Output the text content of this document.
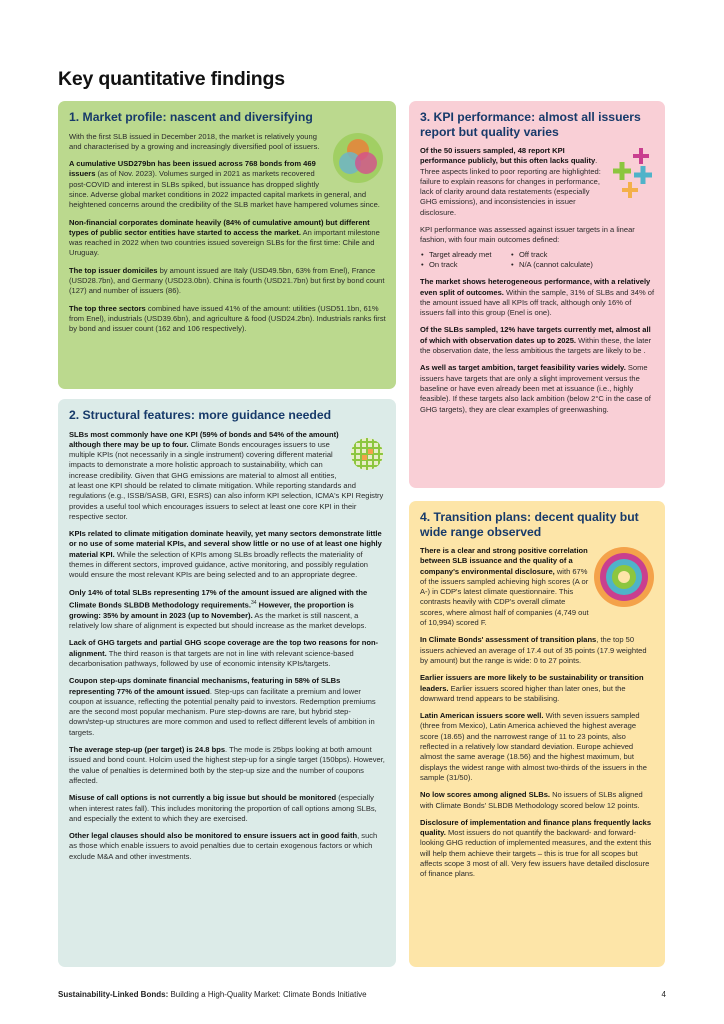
Key quantitative findings
1. Market profile: nascent and diversifying

With the first SLB issued in December 2018, the market is relatively young and characterised by a growing and increasingly diversified pool of issuers.

A cumulative USD279bn has been issued across 768 bonds from 469 issuers (as of Nov. 2023). Volumes surged in 2021 as markets recovered post-COVID and interest in SLBs spiked, but issuance has dropped slightly since. Adverse global market conditions in 2022 impacted capital markets in general, and heightened concerns around the credibility of the SLB market have hampered volumes since.

Non-financial corporates dominate heavily (84% of cumulative amount) but different types of public sector entities have started to access the market. An important milestone was reached in 2022 when two countries issued sovereign SLBs for the first time: Chile and Uruguay.

The top issuer domiciles by amount issued are Italy (USD49.5bn, 63% from Enel), France (USD28.7bn), and Germany (USD23.0bn). China is fourth (USD21.7bn) but first by bond count (127) and number of issuers (86).

The top three sectors combined have issued 41% of the amount: utilities (USD51.1bn, 61% from Enel), industrials (USD39.6bn), and agriculture & food (USD24.2bn). Industrials ranks first by bond and issuer count (162 and 106 respectively).

2. Structural features: more guidance needed

SLBs most commonly have one KPI (59% of bonds and 54% of the amount) although there may be up to four. Climate Bonds encourages issuers to use multiple KPIs (not necessarily in a single instrument) covering different material impacts to demonstrate a more holistic approach to sustainability, which can increase credibility. Given that GHG emissions are material to almost all entities, at least one KPI should be related to climate mitigation. While reporting standards and regulations (e.g., ISSB/SASB, GRI, ESRS) can also inform KPI selection, ICMA's KPI Registry provides a useful tool which encourages issuers to select at least one core KPI in their respective sector.

KPIs related to climate mitigation dominate heavily, yet many sectors demonstrate little or no use of some material KPIs, and several show little or no use of at least one highly material KPI. While the selection of KPIs among SLBs broadly reflects the materiality of themes in different sectors, improved guidance, active monitoring, and possibly regulation would ensure the most relevant KPIs are being selected and to an appropriate degree.

Only 14% of total SLBs representing 17% of the amount issued are aligned with the Climate Bonds SLBDB Methodology requirements.$^{34}$ However, the proportion is growing: 35% by amount in 2023 (up to November). As the market is still nascent, a relatively low share of alignment is expected but should increase as the market develops.

Lack of GHG targets and partial GHG scope coverage are the top two reasons for non-alignment. The third reason is that targets are not in line with relevant science-based decarbonisation pathways, followed by use of economic intensity KPIs/targets.

Coupon step-ups dominate financial mechanisms, featuring in 58% of SLBs representing 77% of the amount issued. Step-ups can facilitate a premium and lower coupon at issuance, reflecting the potential penalty paid to investors. Redemption premiums are the second most popular mechanism. Pure step-downs are rare, but hybrid step-down/step-up structures are more common and used to reflect different levels of ambition in targets.

The average step-up (per target) is 24.8 bps. The mode is 25bps looking at both amount issued and bond count. Holcim used the highest step-up for a single target (150bps). However, the value of penalties is determined both by the step-up size and the number of coupons affected.

Misuse of call options is not currently a big issue but should be monitored (especially when interest rates fall). This includes monitoring the proportion of call options among SLBs, and especially the extent to which they are exercised.

Other legal clauses should also be monitored to ensure issuers act in good faith, such as those which enable issuers to avoid penalties due to certain exogenous factors or which exclude M&A and other investments.

3. KPI performance: almost all issuers report but quality varies

Of the 50 issuers sampled, 48 report KPI performance publicly, but this often lacks quality. Three aspects linked to poor reporting are highlighted: failure to explain reasons for changes in performance, lack of clarity around data restatements (especially GHG emissions), and inconsistencies in issuer disclosure.

KPI performance was assessed against issuer targets in a linear fashion, with four main outcomes defined:

• Target already met	• Off track
• On track	• N/A (cannot calculate)

The market shows heterogeneous performance, with a relatively even split of outcomes. Within the sample, 31% of SLBs and 34% of the amount issued have all KPIs off track, although only 16% of issuers fall into this group (Enel is one).

Of the SLBs sampled, 12% have targets currently met, almost all of which with observation dates up to 2025. Within these, the later the observation date, the less ambitious the targets are likely to be .

As well as target ambition, target feasibility varies widely. Some issuers have targets that are only a slight improvement versus the baseline or have even already been met at issuance (i.e., highly feasible). If these targets also lack ambition (below 2°C in the case of GHG targets), they are clear examples of greenwashing.

4. Transition plans: decent quality but wide range observed

There is a clear and strong positive correlation between SLB issuance and the quality of a company's environmental disclosure, with 67% of the issuers sampled achieving high scores (A or A-) in CDP's latest climate questionnaire. This contrasts heavily with CDP's overall climate scores, where almost half of companies (4,749 out of 10,994) scored F.

In Climate Bonds' assessment of transition plans, the top 50 issuers achieved an average of 17.4 out of 35 points (17.9 weighted by amount) but the range is wide: 0 to 27 points.

Earlier issuers are more likely to be sustainability or transition leaders. Earlier issuers scored higher than later ones, but the downward trend appears to be stabilising.

Latin American issuers score well. With seven issuers sampled (three from Mexico), Latin America achieved the highest average score (18.65) and the narrowest range of 11 to 23 points, also reflected in a relatively low standard deviation. Europe achieved almost the same average (18.56) and the highest maximum, but displays the widest range with almost two-thirds of the issuers in the sample (31/50).

No low scores among aligned SLBs. No issuers of SLBs aligned with Climate Bonds' SLBDB Methodology scored below 12 points.

Disclosure of implementation and finance plans frequently lacks quality. Most issuers do not quantify the backward- and forward-looking GHG reduction of implemented measures, and the extent this will help them achieve their targets – this is true for all scopes but affects scope 3 most of all. Very few issuers have detailed disclosure of finance plans.

Sustainability-Linked Bonds: Building a High-Quality Market: Climate Bonds Initiative	4
